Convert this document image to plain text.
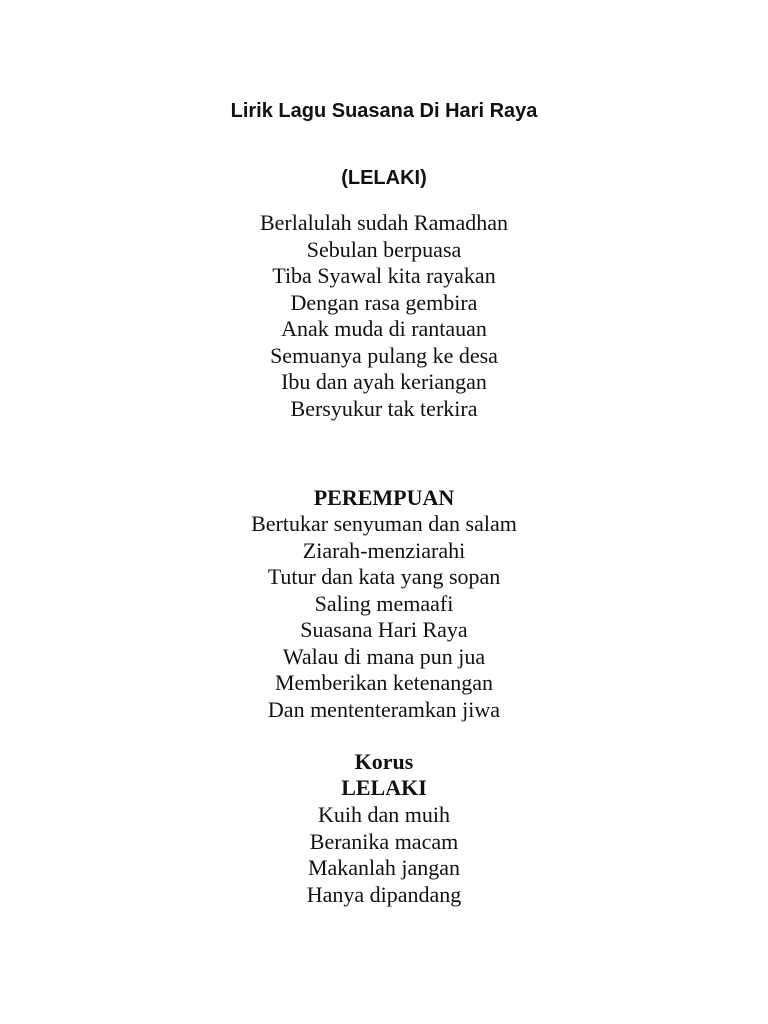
Lirik Lagu Suasana Di Hari Raya
(LELAKI)
Berlalulah sudah Ramadhan
Sebulan berpuasa
Tiba Syawal kita rayakan
Dengan rasa gembira
Anak muda di rantauan
Semuanya pulang ke desa
Ibu dan ayah keriangan
Bersyukur tak terkira
PEREMPUAN
Bertukar senyuman dan salam
Ziarah-menziarahi
Tutur dan kata yang sopan
Saling memaafi
Suasana Hari Raya
Walau di mana pun jua
Memberikan ketenangan
Dan mententeramkan jiwa
Korus
LELAKI
Kuih dan muih
Beranika macam
Makanlah jangan
Hanya dipandang
